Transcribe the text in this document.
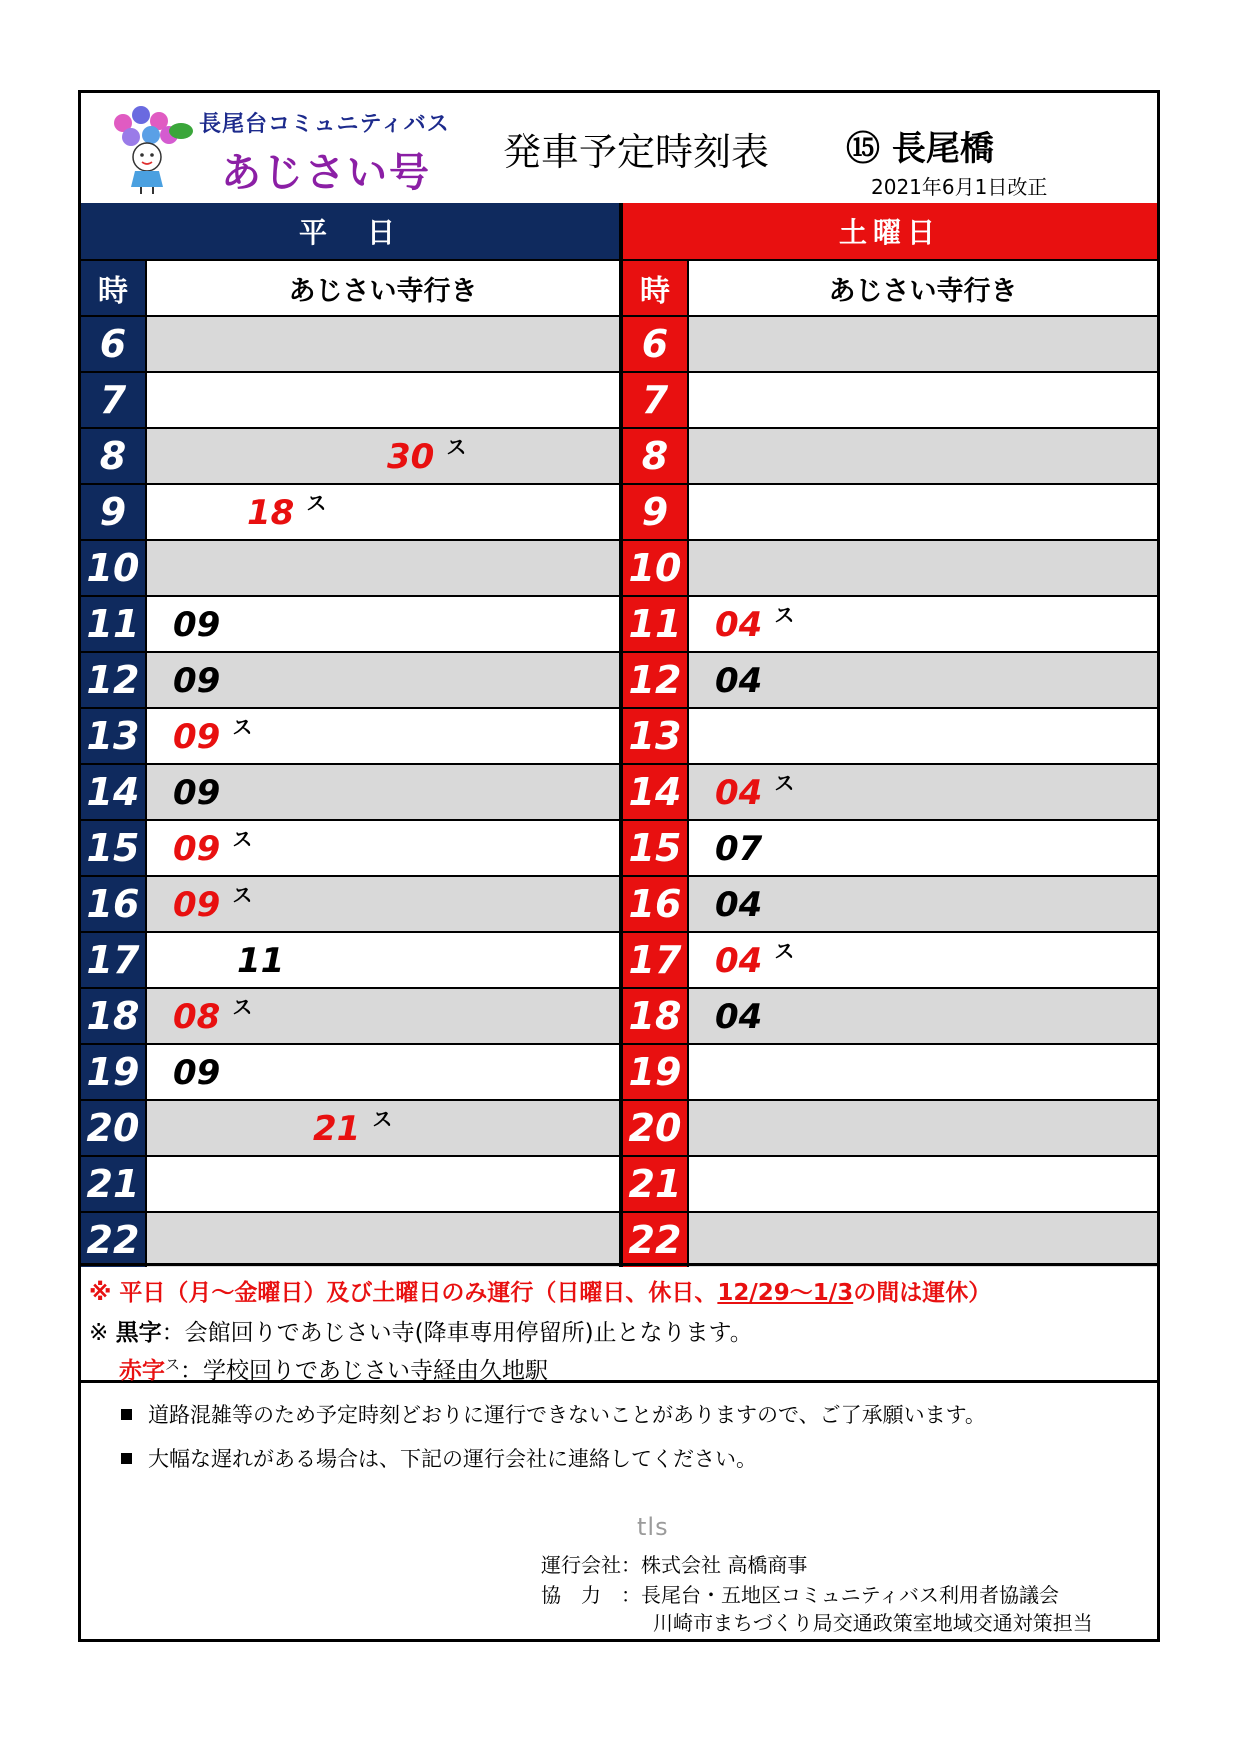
長尾台コミュニティバス
あじさい号 発車予定時刻表 ⑮ 長尾橋
2021年6月1日改正
平　日
時	あじさい寺行き
6
7
8	30 $^ス$
9	18 $^ス$
10
11 09
12 09
13 09 $^ス$
14 09
15 09 $^ス$
16 09 $^ス$
17	11
18 08 $^ス$
19 09
20	21 $^ス$
21
22
土曜日
時	あじさい寺行き
6
7
8
9
10
11 04 $^ス$
12 04
13
14 04 $^ス$
15 07
16 04
17 04 $^ス$
18 04
19
20
21
22
※ 平日（月～金曜日）及び土曜日のみ運行（日曜日、休日、12/29～1/3の間は運休）
※ 黒字：会館回りであじさい寺(降車専用停留所)止となります。
赤字$^ス$：学校回りであじさい寺経由久地駅
道路混雑等のため予定時刻どおりに運行できないことがありますので、ご了承願います。
大幅な遅れがある場合は、下記の運行会社に連絡してください。
tls
運行会社：株式会社 高橋商事
協　力　：長尾台・五地区コミュニティバス利用者協議会
川崎市まちづくり局交通政策室地域交通対策担当
